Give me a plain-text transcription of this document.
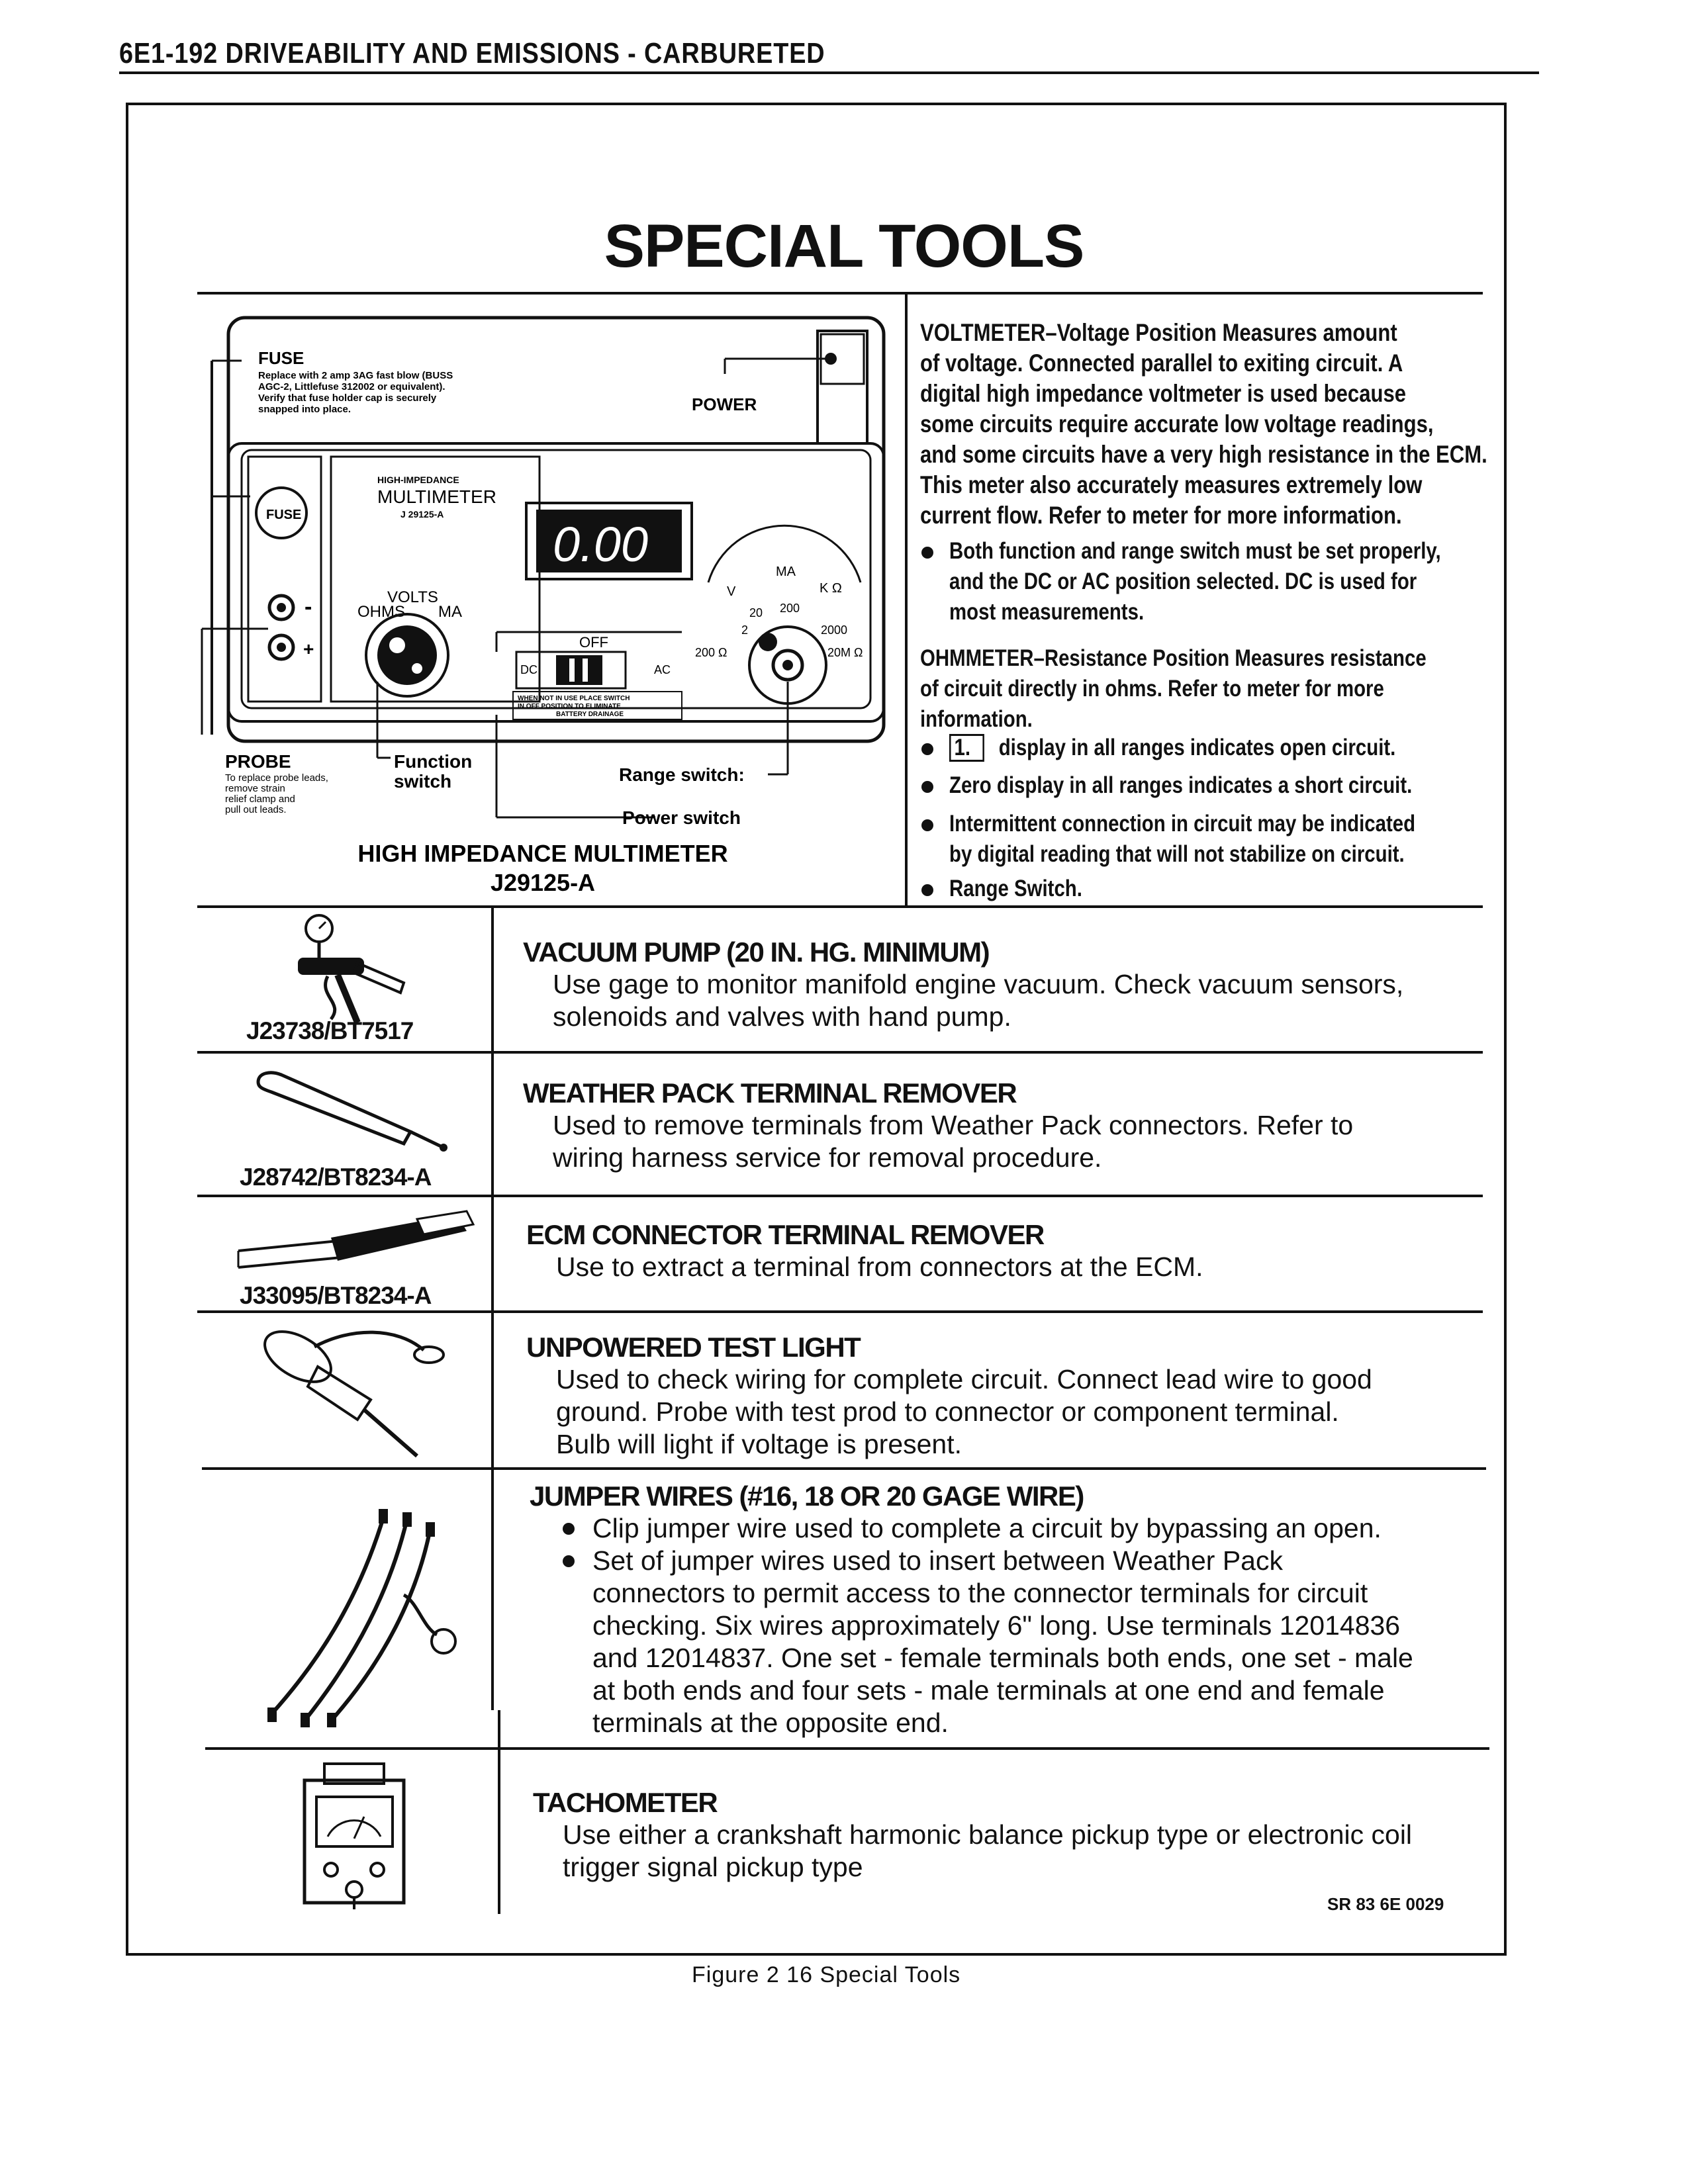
6E1-192 DRIVEABILITY AND EMISSIONS - CARBURETED
SPECIAL TOOLS
POWER
FUSE
Replace with 2 amp 3AG fast blow (BUSS
AGC-2, Littlefuse 312002 or equivalent).
Verify that fuse holder cap is securely
snapped into place.
FUSE
-
+
HIGH-IMPEDANCE
MULTIMETER
J 29125-A
0.00
OHMS
VOLTS
MA
OFF
DC	AC
WHEN NOT IN USE PLACE SWITCH
IN OFF POSITION TO ELIMINATE
BATTERY DRAINAGE
MA
V	K Ω
20 200
2	2000
200 Ω	20M Ω
PROBE
To replace probe leads,
remove strain
relief clamp and
pull out leads.
Function
switch	Range switch:
Power switch
HIGH IMPEDANCE MULTIMETER
J29125-A
VOLTMETER–Voltage Position Measures amount
of voltage. Connected parallel to exiting circuit. A
digital high impedance voltmeter is used because
some circuits require accurate low voltage readings,
and some circuits have a very high resistance in the ECM.
This meter also accurately measures extremely low
current flow. Refer to meter for more information.
Both function and range switch must be set properly,
and the DC or AC position selected. DC is used for
most measurements.
OHMMETER–Resistance Position Measures resistance
of circuit directly in ohms. Refer to meter for more
information.
1. display in all ranges indicates open circuit.
Zero display in all ranges indicates a short circuit.
Intermittent connection in circuit may be indicated
by digital reading that will not stabilize on circuit.
Range Switch.
J23738/BT7517
VACUUM PUMP (20 IN. HG. MINIMUM)
Use gage to monitor manifold engine vacuum. Check vacuum sensors,
solenoids and valves with hand pump.
J28742/BT8234-A
WEATHER PACK TERMINAL REMOVER
Used to remove terminals from Weather Pack connectors. Refer to
wiring harness service for removal procedure.
J33095/BT8234-A
ECM CONNECTOR TERMINAL REMOVER
Use to extract a terminal from connectors at the ECM.
UNPOWERED TEST LIGHT
Used to check wiring for complete circuit. Connect lead wire to good
ground. Probe with test prod to connector or component terminal.
Bulb will light if voltage is present.
JUMPER WIRES (#16, 18 OR 20 GAGE WIRE)
Clip jumper wire used to complete a circuit by bypassing an open.
Set of jumper wires used to insert between Weather Pack
connectors to permit access to the connector terminals for circuit
checking. Six wires approximately 6" long. Use terminals 12014836
and 12014837. One set - female terminals both ends, one set - male
at both ends and four sets - male terminals at one end and female
terminals at the opposite end.
TACHOMETER
Use either a crankshaft harmonic balance pickup type or electronic coil
trigger signal pickup type
SR 83 6E 0029
Figure 2 16 Special Tools
